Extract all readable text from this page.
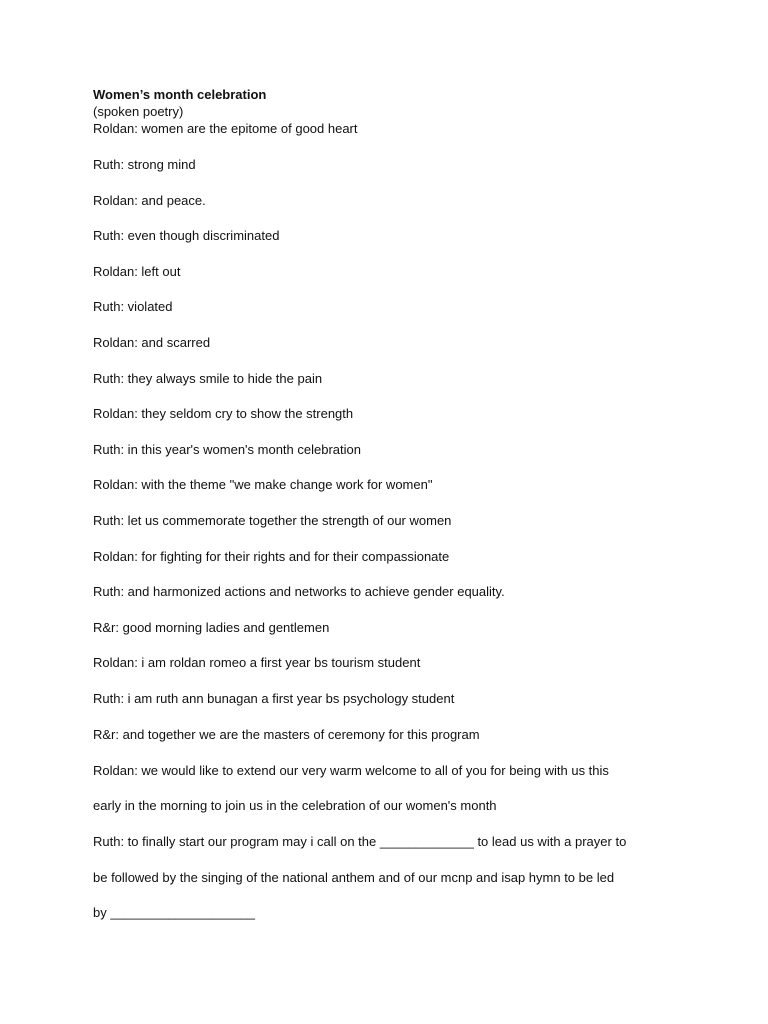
Women’s month celebration
(spoken poetry)
Roldan: women are the epitome of good heart
Ruth: strong mind
Roldan: and peace.
Ruth: even though discriminated
Roldan: left out
Ruth: violated
Roldan: and scarred
Ruth: they always smile to hide the pain
Roldan: they seldom cry to show the strength
Ruth: in this year's women's month celebration
Roldan: with the theme "we make change work for women"
Ruth: let us commemorate together the strength of our women
Roldan: for fighting for their rights and for their compassionate
Ruth: and harmonized actions and networks to achieve gender equality.
R&r: good morning ladies and gentlemen
Roldan: i am roldan romeo a first year bs tourism student
Ruth: i am ruth ann bunagan a first year bs psychology student
R&r: and together we are the masters of ceremony for this program
Roldan: we would like to extend our very warm welcome to all of you for being with us this
early in the morning to join us in the celebration of our women's month
Ruth: to finally start our program may i call on the _____________ to lead us with a prayer to
be followed by the singing of the national anthem and of our mcnp and isap hymn to be led
by ____________________
